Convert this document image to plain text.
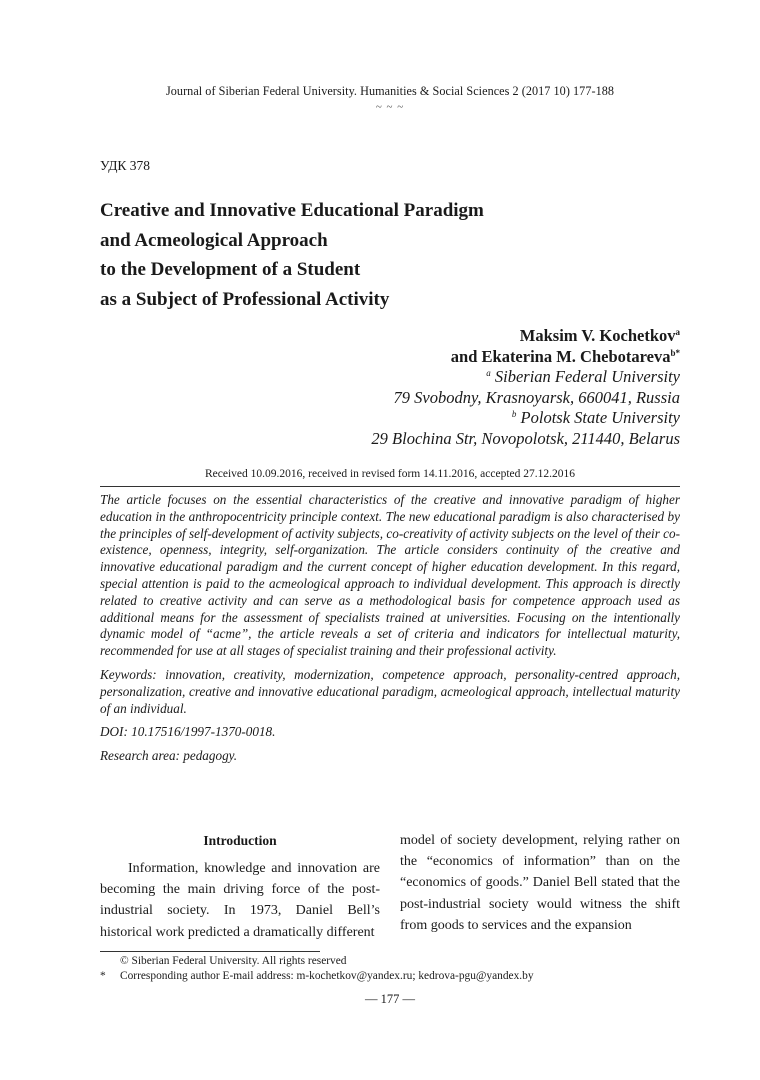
Journal of Siberian Federal University. Humanities & Social Sciences 2 (2017 10) 177-188
~ ~ ~
УДК 378
Creative and Innovative Educational Paradigm
and Acmeological Approach
to the Development of a Student
as a Subject of Professional Activity
Maksim V. Kochetkov$^a$
and Ekaterina M. Chebotareva$^{b*}$
$^a$ Siberian Federal University
79 Svobodny, Krasnoyarsk, 660041, Russia
$^b$ Polotsk State University
29 Blochina Str, Novopolotsk, 211440, Belarus
Received 10.09.2016, received in revised form 14.11.2016, accepted 27.12.2016

The article focuses on the essential characteristics of the creative and innovative paradigm of higher education in the anthropocentricity principle context. The new educational paradigm is also characterised by the principles of self-development of activity subjects, co-creativity of activity subjects on the level of their co-existence, openness, integrity, self-organization. The article considers continuity of the creative and innovative educational paradigm and the current concept of higher education development. In this regard, special attention is paid to the acmeological approach to individual development. This approach is directly related to creative activity and can serve as a methodological basis for competence approach used as additional means for the assessment of specialists trained at universities. Focusing on the intentionally dynamic model of “acme”, the article reveals a set of criteria and indicators for intellectual maturity, recommended for use at all stages of specialist training and their professional activity.

Keywords: innovation, creativity, modernization, competence approach, personality-centred approach, personalization, creative and innovative educational paradigm, acmeological approach, intellectual maturity of an individual.

DOI: 10.17516/1997-1370-0018.

Research area: pedagogy.

Introduction

Information, knowledge and innovation are becoming the main driving force of the post-industrial society. In 1973, Daniel Bell’s historical work predicted a dramatically different

model of society development, relying rather on the “economics of information” than on the “economics of goods.” Daniel Bell stated that the post-industrial society would witness the shift from goods to services and the expansion

© Siberian Federal University. All rights reserved
* Corresponding author E-mail address: m-kochetkov@yandex.ru; kedrova-pgu@yandex.by
— 177 —
